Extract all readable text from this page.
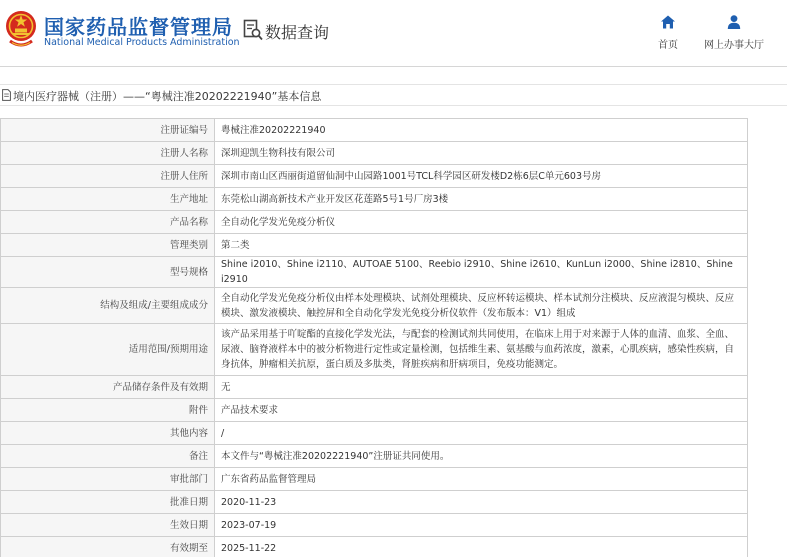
国家药品监督管理局
National Medical Products Administration
数据查询
首页	网上办事大厅
境内医疗器械（注册）——“粤械注准20202221940”基本信息
注册证编号	粤械注准20202221940
注册人名称	深圳迎凯生物科技有限公司
注册人住所	深圳市南山区西丽街道留仙洞中山园路1001号TCL科学园区研发楼D2栋6层C单元603号房
生产地址	东莞松山湖高新技术产业开发区花莲路5号1号厂房3楼
产品名称	全自动化学发光免疫分析仪
管理类别	第二类
型号规格	Shine i2010、Shine i2110、AUTOAE 5100、Reebio i2910、Shine i2610、KunLun i2000、Shine i2810、Shine i2910
结构及组成/主要组成成分	全自动化学发光免疫分析仪由样本处理模块、试剂处理模块、反应杯转运模块、样本试剂分注模块、反应液混匀模块、反应模块、激发液模块、触控屏和全自动化学发光免疫分析仪软件（发布版本：V1）组成
适用范围/预期用途	该产品采用基于吖啶酯的直接化学发光法，与配套的检测试剂共同使用，在临床上用于对来源于人体的血清、血浆、全血、尿液、脑脊液样本中的被分析物进行定性或定量检测，包括维生素、氨基酸与血药浓度，激素，心肌疾病，感染性疾病，自身抗体，肿瘤相关抗原，蛋白质及多肽类，肾脏疾病和肝病项目，免疫功能测定。
产品储存条件及有效期	无
附件	产品技术要求
其他内容	/
备注	本文件与“粤械注准20202221940”注册证共同使用。
审批部门	广东省药品监督管理局
批准日期	2020-11-23
生效日期	2023-07-19
有效期至	2025-11-22
